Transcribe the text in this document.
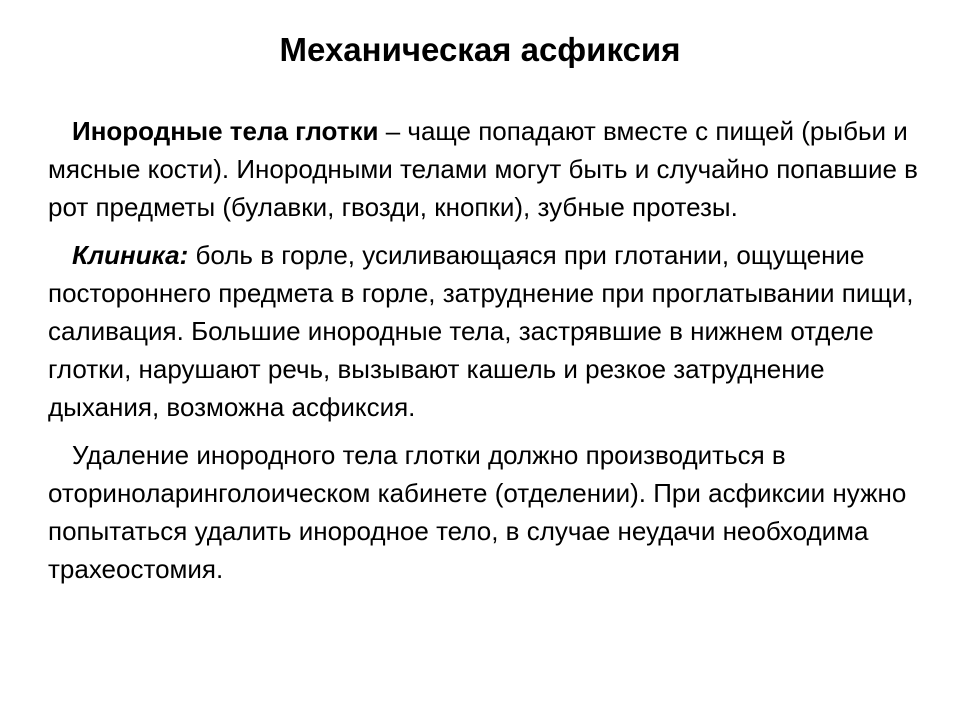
Механическая асфиксия

Инородные тела глотки – чаще попадают вместе с пищей (рыбьи и мясные кости). Инородными телами могут быть и случайно попавшие в рот предметы (булавки, гвозди, кнопки), зубные протезы.

Клиника: боль в горле, усиливающаяся при глотании, ощущение постороннего предмета в горле, затруднение при проглатывании пищи, саливация. Большие инородные тела, застрявшие в нижнем отделе глотки, нарушают речь, вызывают кашель и резкое затруднение дыхания, возможна асфиксия.

Удаление инородного тела глотки должно производиться в оториноларинголоическом кабинете (отделении). При асфиксии нужно попытаться удалить инородное тело, в случае неудачи необходима трахеостомия.
